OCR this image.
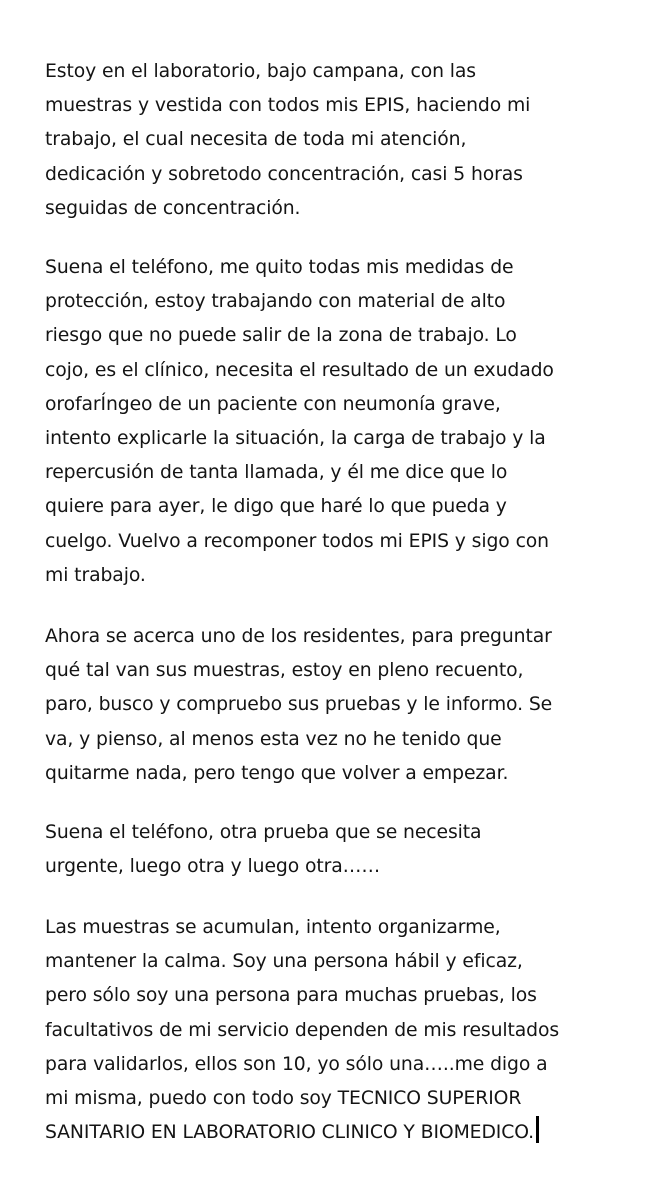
Estoy en el laboratorio, bajo campana, con las
muestras y vestida con todos mis EPIS, haciendo mi
trabajo, el cual necesita de toda mi atención,
dedicación y sobretodo concentración, casi 5 horas
seguidas de concentración.
Suena el teléfono, me quito todas mis medidas de
protección, estoy trabajando con material de alto
riesgo que no puede salir de la zona de trabajo. Lo
cojo, es el clínico, necesita el resultado de un exudado
orofarÍngeo de un paciente con neumonía grave,
intento explicarle la situación, la carga de trabajo y la
repercusión de tanta llamada, y él me dice que lo
quiere para ayer, le digo que haré lo que pueda y
cuelgo. Vuelvo a recomponer todos mi EPIS y sigo con
mi trabajo.
Ahora se acerca uno de los residentes, para preguntar
qué tal van sus muestras, estoy en pleno recuento,
paro, busco y compruebo sus pruebas y le informo. Se
va, y pienso, al menos esta vez no he tenido que
quitarme nada, pero tengo que volver a empezar.
Suena el teléfono, otra prueba que se necesita
urgente, luego otra y luego otra……
Las muestras se acumulan, intento organizarme,
mantener la calma. Soy una persona hábil y eficaz,
pero sólo soy una persona para muchas pruebas, los
facultativos de mi servicio dependen de mis resultados
para validarlos, ellos son 10, yo sólo una…..me digo a
mi misma, puedo con todo soy TECNICO SUPERIOR
SANITARIO EN LABORATORIO CLINICO Y BIOMEDICO.
